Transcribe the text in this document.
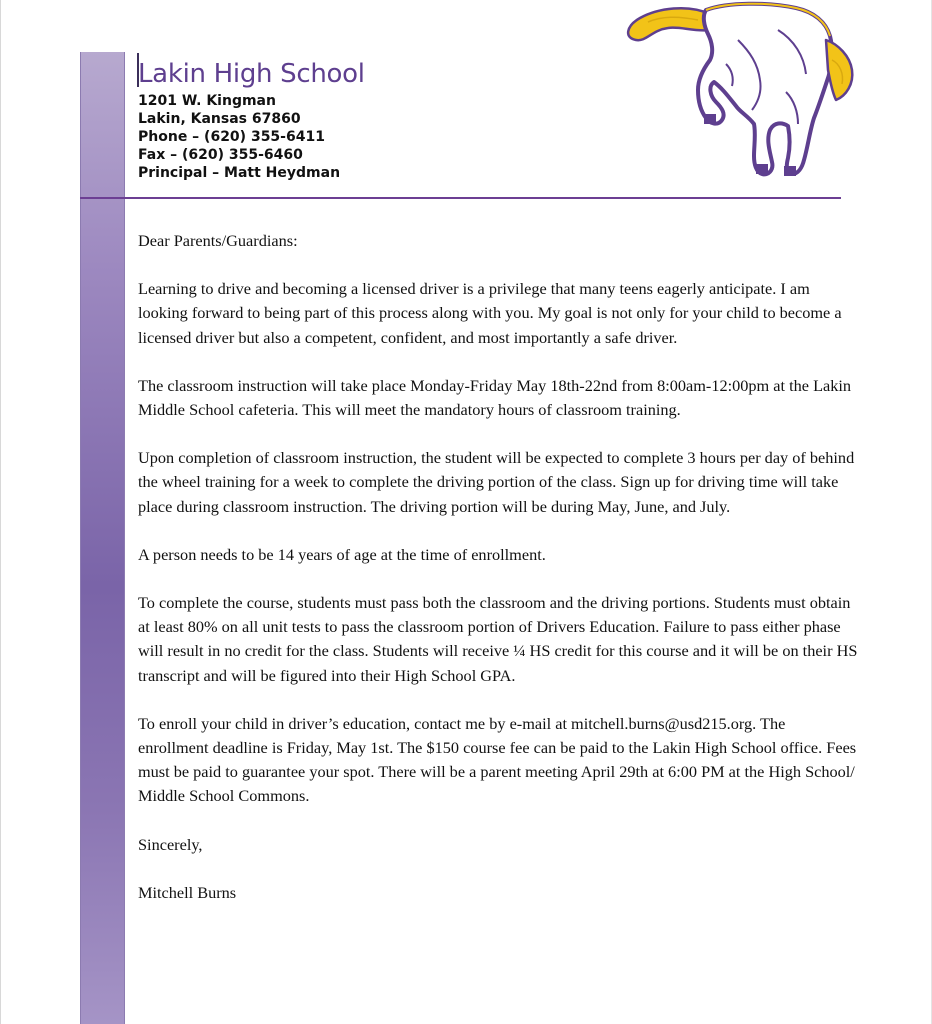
Lakin High School
1201 W. Kingman
Lakin, Kansas 67860
Phone – (620) 355-6411
Fax – (620) 355-6460
Principal – Matt Heydman

Dear Parents/Guardians:

Learning to drive and becoming a licensed driver is a privilege that many teens eagerly anticipate. I am looking forward to being part of this process along with you. My goal is not only for your child to become a licensed driver but also a competent, confident, and most importantly a safe driver.

The classroom instruction will take place Monday-Friday May 18th-22nd from 8:00am-12:00pm at the Lakin Middle School cafeteria. This will meet the mandatory hours of classroom training.

Upon completion of classroom instruction, the student will be expected to complete 3 hours per day of behind the wheel training for a week to complete the driving portion of the class. Sign up for driving time will take place during classroom instruction. The driving portion will be during May, June, and July.

A person needs to be 14 years of age at the time of enrollment.

To complete the course, students must pass both the classroom and the driving portions. Students must obtain at least 80% on all unit tests to pass the classroom portion of Drivers Education. Failure to pass either phase will result in no credit for the class. Students will receive ¼ HS credit for this course and it will be on their HS transcript and will be figured into their High School GPA.

To enroll your child in driver’s education, contact me by e-mail at mitchell.burns@usd215.org. The enrollment deadline is Friday, May 1st. The $150 course fee can be paid to the Lakin High School office. Fees must be paid to guarantee your spot. There will be a parent meeting April 29th at 6:00 PM at the High School/ Middle School Commons.

Sincerely,

Mitchell Burns
